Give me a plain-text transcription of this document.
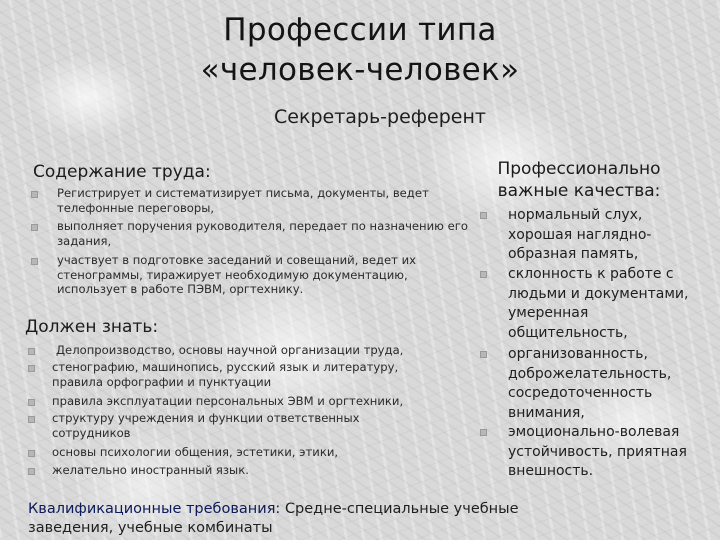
Профессии типа
«человек-человек»
Секретарь-референт
Содержание труда:
Регистрирует и систематизирует письма, документы, ведет телефонные переговоры,
выполняет поручения руководителя, передает по назначению его задания,
участвует в подготовке заседаний и совещаний, ведет их стенограммы, тиражирует необходимую документацию, использует в работе ПЭВМ, оргтехнику.
Должен знать:
Делопроизводство, основы научной организации труда,
стенографию, машинопись, русский язык и литературу, правила орфографии и пунктуации
правила эксплуатации персональных ЭВМ и оргтехники,
структуру учреждения и функции ответственных сотрудников
основы психологии общения, эстетики, этики,
желательно иностранный язык.
Профессионально важные качества:
нормальный слух, хорошая наглядно-образная память,
склонность к работе с людьми и документами, умеренная общительность,
организованность, доброжелательность, сосредоточенность внимания,
эмоционально-волевая устойчивость, приятная внешность.
Квалификационные требования: Средне-специальные учебные заведения, учебные комбинаты
